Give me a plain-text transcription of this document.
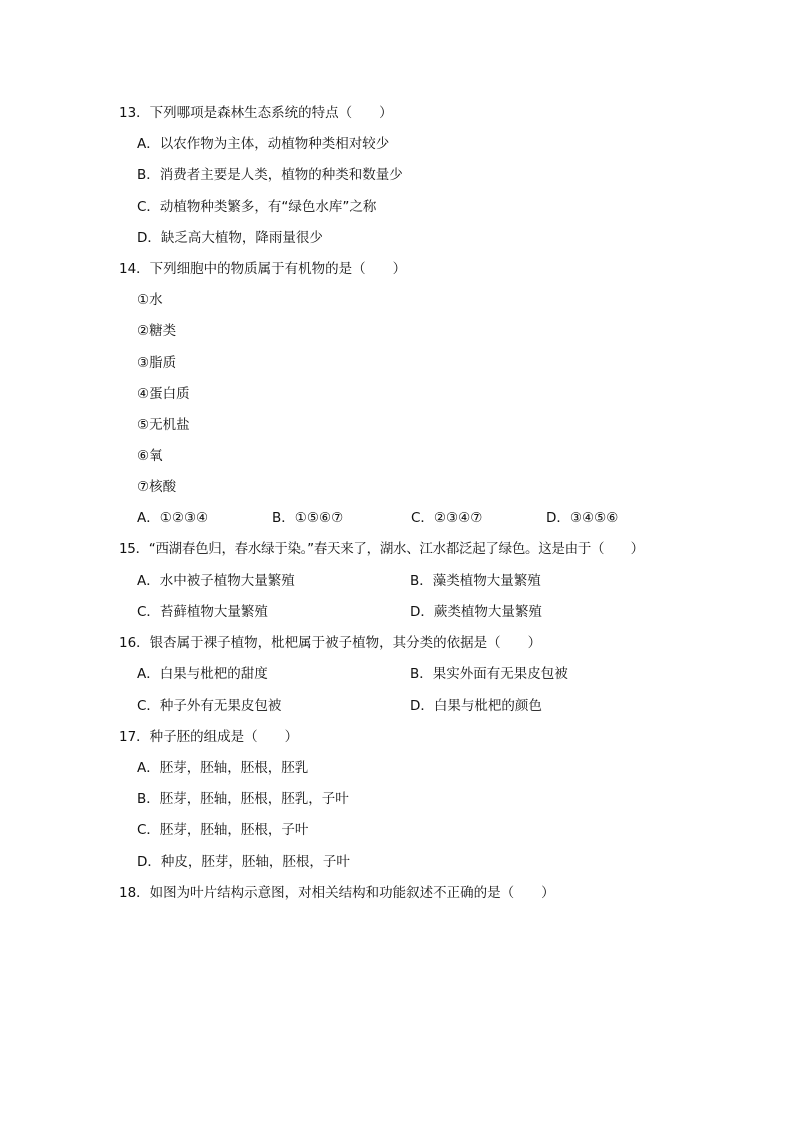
13．下列哪项是森林生态系统的特点（　　）
A．以农作物为主体，动植物种类相对较少
B．消费者主要是人类，植物的种类和数量少
C．动植物种类繁多，有“绿色水库”之称
D．缺乏高大植物，降雨量很少
14．下列细胞中的物质属于有机物的是（　　）
①水
②糖类
③脂质
④蛋白质
⑤无机盐
⑥氧
⑦核酸
A．①②③④	B．①⑤⑥⑦	C．②③④⑦	D．③④⑤⑥
15．“西湖春色归，春水绿于染。”春天来了，湖水、江水都泛起了绿色。这是由于（　　）
A．水中被子植物大量繁殖	B．藻类植物大量繁殖
C．苔藓植物大量繁殖	D．蕨类植物大量繁殖
16．银杏属于裸子植物，枇杷属于被子植物，其分类的依据是（　　）
A．白果与枇杷的甜度	B．果实外面有无果皮包被
C．种子外有无果皮包被	D．白果与枇杷的颜色
17．种子胚的组成是（　　）
A．胚芽，胚轴，胚根，胚乳
B．胚芽，胚轴，胚根，胚乳，子叶
C．胚芽，胚轴，胚根，子叶
D．种皮，胚芽，胚轴，胚根，子叶
18．如图为叶片结构示意图，对相关结构和功能叙述不正确的是（　　）
